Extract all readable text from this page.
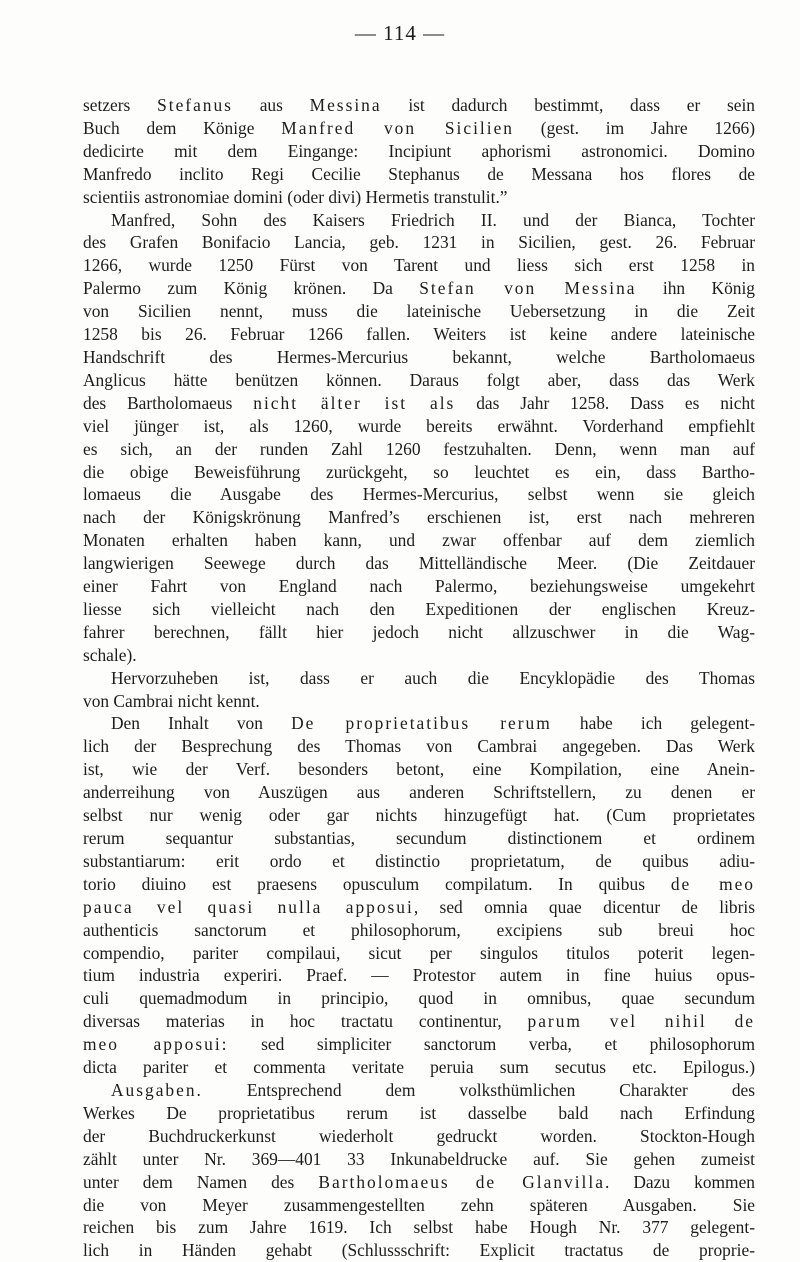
— 114 —
setzers Stefanus aus Messina ist dadurch bestimmt, dass er sein
Buch dem Könige Manfred von Sicilien (gest. im Jahre 1266)
dedicirte mit dem Eingange: Incipiunt aphorismi astronomici. Domino
Manfredo inclito Regi Cecilie Stephanus de Messana hos flores de
scientiis astronomiae domini (oder divi) Hermetis transtulit.”
Manfred, Sohn des Kaisers Friedrich II. und der Bianca, Tochter
des Grafen Bonifacio Lancia, geb. 1231 in Sicilien, gest. 26. Februar
1266, wurde 1250 Fürst von Tarent und liess sich erst 1258 in
Palermo zum König krönen. Da Stefan von Messina ihn König
von Sicilien nennt, muss die lateinische Uebersetzung in die Zeit
1258 bis 26. Februar 1266 fallen. Weiters ist keine andere lateinische
Handschrift des Hermes-Mercurius bekannt, welche Bartholomaeus
Anglicus hätte benützen können. Daraus folgt aber, dass das Werk
des Bartholomaeus nicht älter ist als das Jahr 1258. Dass es nicht
viel jünger ist, als 1260, wurde bereits erwähnt. Vorderhand empfiehlt
es sich, an der runden Zahl 1260 festzuhalten. Denn, wenn man auf
die obige Beweisführung zurückgeht, so leuchtet es ein, dass Bartho-
lomaeus die Ausgabe des Hermes-Mercurius, selbst wenn sie gleich
nach der Königskrönung Manfred’s erschienen ist, erst nach mehreren
Monaten erhalten haben kann, und zwar offenbar auf dem ziemlich
langwierigen Seewege durch das Mittelländische Meer. (Die Zeitdauer
einer Fahrt von England nach Palermo, beziehungsweise umgekehrt
liesse sich vielleicht nach den Expeditionen der englischen Kreuz-
fahrer berechnen, fällt hier jedoch nicht allzuschwer in die Wag-
schale).
Hervorzuheben ist, dass er auch die Encyklopädie des Thomas
von Cambrai nicht kennt.
Den Inhalt von De proprietatibus rerum habe ich gelegent-
lich der Besprechung des Thomas von Cambrai angegeben. Das Werk
ist, wie der Verf. besonders betont, eine Kompilation, eine Anein-
anderreihung von Auszügen aus anderen Schriftstellern, zu denen er
selbst nur wenig oder gar nichts hinzugefügt hat. (Cum proprietates
rerum sequantur substantias, secundum distinctionem et ordinem
substantiarum: erit ordo et distinctio proprietatum, de quibus adiu-
torio diuino est praesens opusculum compilatum. In quibus de meo
pauca vel quasi nulla apposui, sed omnia quae dicentur de libris
authenticis sanctorum et philosophorum, excipiens sub breui hoc
compendio, pariter compilaui, sicut per singulos titulos poterit legen-
tium industria experiri. Praef. — Protestor autem in fine huius opus-
culi quemadmodum in principio, quod in omnibus, quae secundum
diversas materias in hoc tractatu continentur, parum vel nihil de
meo apposui: sed simpliciter sanctorum verba, et philosophorum
dicta pariter et commenta veritate peruia sum secutus etc. Epilogus.)
Ausgaben. Entsprechend dem volksthümlichen Charakter des
Werkes De proprietatibus rerum ist dasselbe bald nach Erfindung
der Buchdruckerkunst wiederholt gedruckt worden. Stockton-Hough
zählt unter Nr. 369—401 33 Inkunabeldrucke auf. Sie gehen zumeist
unter dem Namen des Bartholomaeus de Glanvilla. Dazu kommen
die von Meyer zusammengestellten zehn späteren Ausgaben. Sie
reichen bis zum Jahre 1619. Ich selbst habe Hough Nr. 377 gelegent-
lich in Händen gehabt (Schlussschrift: Explicit tractatus de proprie-
